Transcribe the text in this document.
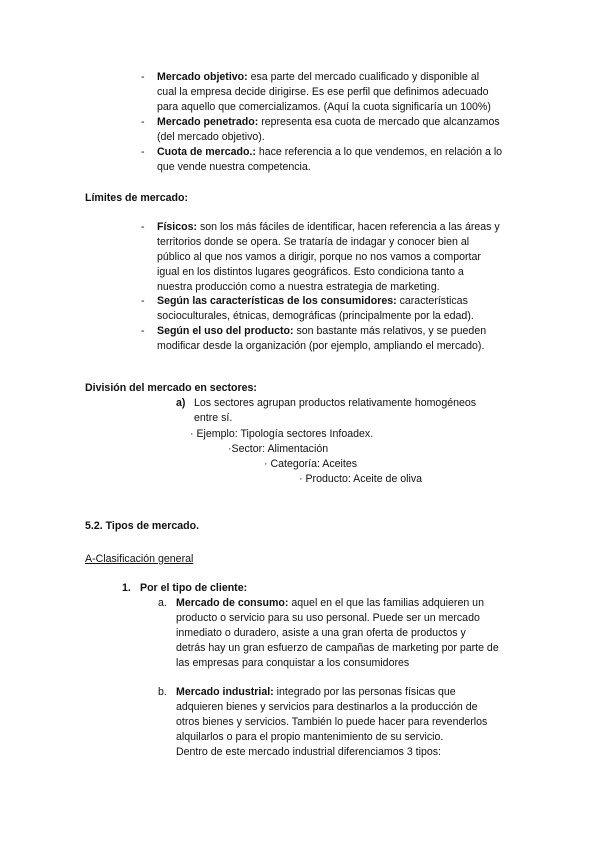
-	Mercado objetivo: esa parte del mercado cualificado y disponible al
cual la empresa decide dirigirse. Es ese perfil que definimos adecuado
para aquello que comercializamos. (Aquí la cuota significaría un 100%)
-	Mercado penetrado: representa esa cuota de mercado que alcanzamos
(del mercado objetivo).
-	Cuota de mercado.: hace referencia a lo que vendemos, en relación a lo
que vende nuestra competencia.
Límites de mercado:
-	Físicos: son los más fáciles de identificar, hacen referencia a las áreas y
territorios donde se opera. Se trataría de indagar y conocer bien al
público al que nos vamos a dirigir, porque no nos vamos a comportar
igual en los distintos lugares geográficos. Esto condiciona tanto a
nuestra producción como a nuestra estrategia de marketing.
-	Según las características de los consumidores: características
socioculturales, étnicas, demográficas (principalmente por la edad).
-	Según el uso del producto: son bastante más relativos, y se pueden
modificar desde la organización (por ejemplo, ampliando el mercado).
División del mercado en sectores:
a) Los sectores agrupan productos relativamente homogéneos
entre sí.
· Ejemplo: Tipología sectores Infoadex.
·Sector: Alimentación
· Categoría: Aceites
· Producto: Aceite de oliva
5.2. Tipos de mercado.
A-Clasificación general
1. Por el tipo de cliente:
a. Mercado de consumo: aquel en el que las familias adquieren un
producto o servicio para su uso personal. Puede ser un mercado
inmediato o duradero, asiste a una gran oferta de productos y
detrás hay un gran esfuerzo de campañas de marketing por parte de
las empresas para conquistar a los consumidores
b. Mercado industrial: integrado por las personas físicas que
adquieren bienes y servicios para destinarlos a la producción de
otros bienes y servicios. También lo puede hacer para revenderlos
alquilarlos o para el propio mantenimiento de su servicio.
Dentro de este mercado industrial diferenciamos 3 tipos:
